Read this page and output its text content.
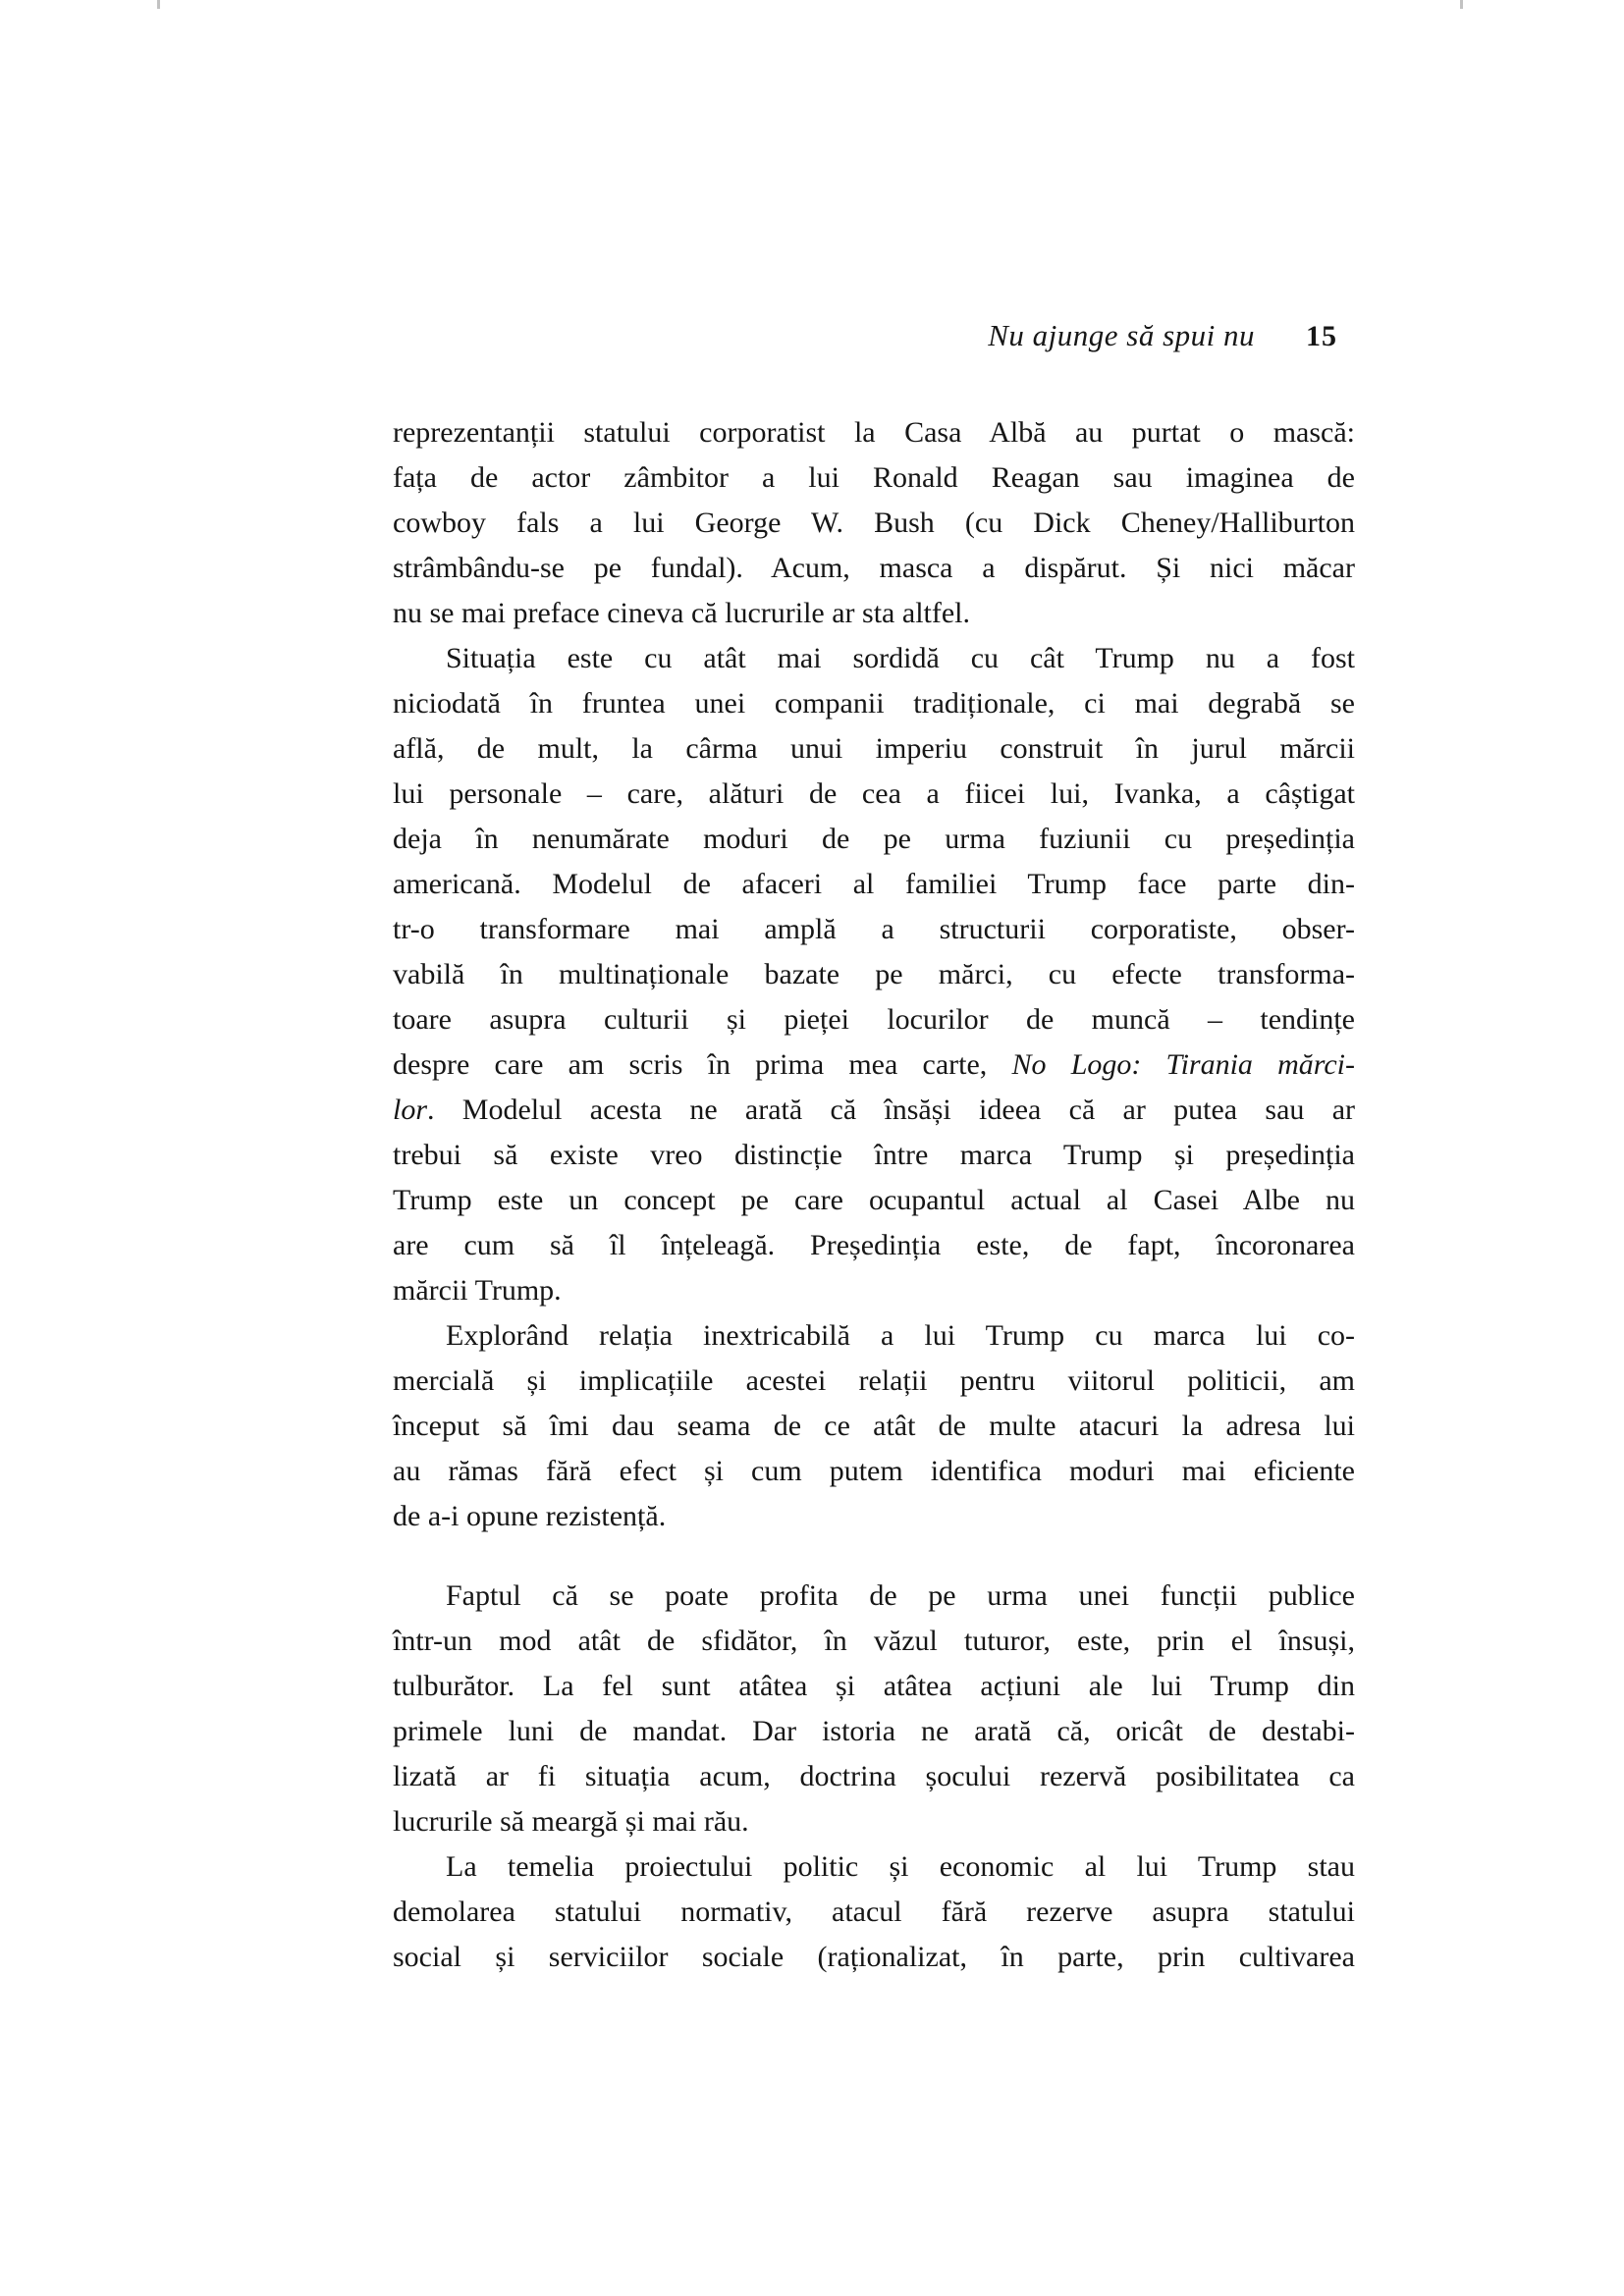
Nu ajunge să spui nu 15
reprezentanții statului corporatist la Casa Albă au purtat o mască:
fața de actor zâmbitor a lui Ronald Reagan sau imaginea de
cowboy fals a lui George W. Bush (cu Dick Cheney/Halliburton
strâmbându-se pe fundal). Acum, masca a dispărut. Și nici măcar
nu se mai preface cineva că lucrurile ar sta altfel.
Situația este cu atât mai sordidă cu cât Trump nu a fost
niciodată în fruntea unei companii tradiționale, ci mai degrabă se
află, de mult, la cârma unui imperiu construit în jurul mărcii
lui personale – care, alături de cea a fiicei lui, Ivanka, a câștigat
deja în nenumărate moduri de pe urma fuziunii cu președinția
americană. Modelul de afaceri al familiei Trump face parte din-
tr-o transformare mai amplă a structurii corporatiste, obser-
vabilă în multinaționale bazate pe mărci, cu efecte transforma-
toare asupra culturii și pieței locurilor de muncă – tendințe
despre care am scris în prima mea carte, No Logo: Tirania mărci-
lor. Modelul acesta ne arată că însăși ideea că ar putea sau ar
trebui să existe vreo distincție între marca Trump și președinția
Trump este un concept pe care ocupantul actual al Casei Albe nu
are cum să îl înțeleagă. Președinția este, de fapt, încoronarea
mărcii Trump.
Explorând relația inextricabilă a lui Trump cu marca lui co-
mercială și implicațiile acestei relații pentru viitorul politicii, am
început să îmi dau seama de ce atât de multe atacuri la adresa lui
au rămas fără efect și cum putem identifica moduri mai eficiente
de a-i opune rezistență.
Faptul că se poate profita de pe urma unei funcții publice
într-un mod atât de sfidător, în văzul tuturor, este, prin el însuși,
tulburător. La fel sunt atâtea și atâtea acțiuni ale lui Trump din
primele luni de mandat. Dar istoria ne arată că, oricât de destabi-
lizată ar fi situația acum, doctrina șocului rezervă posibilitatea ca
lucrurile să meargă și mai rău.
La temelia proiectului politic și economic al lui Trump stau
demolarea statului normativ, atacul fără rezerve asupra statului
social și serviciilor sociale (raționalizat, în parte, prin cultivarea
